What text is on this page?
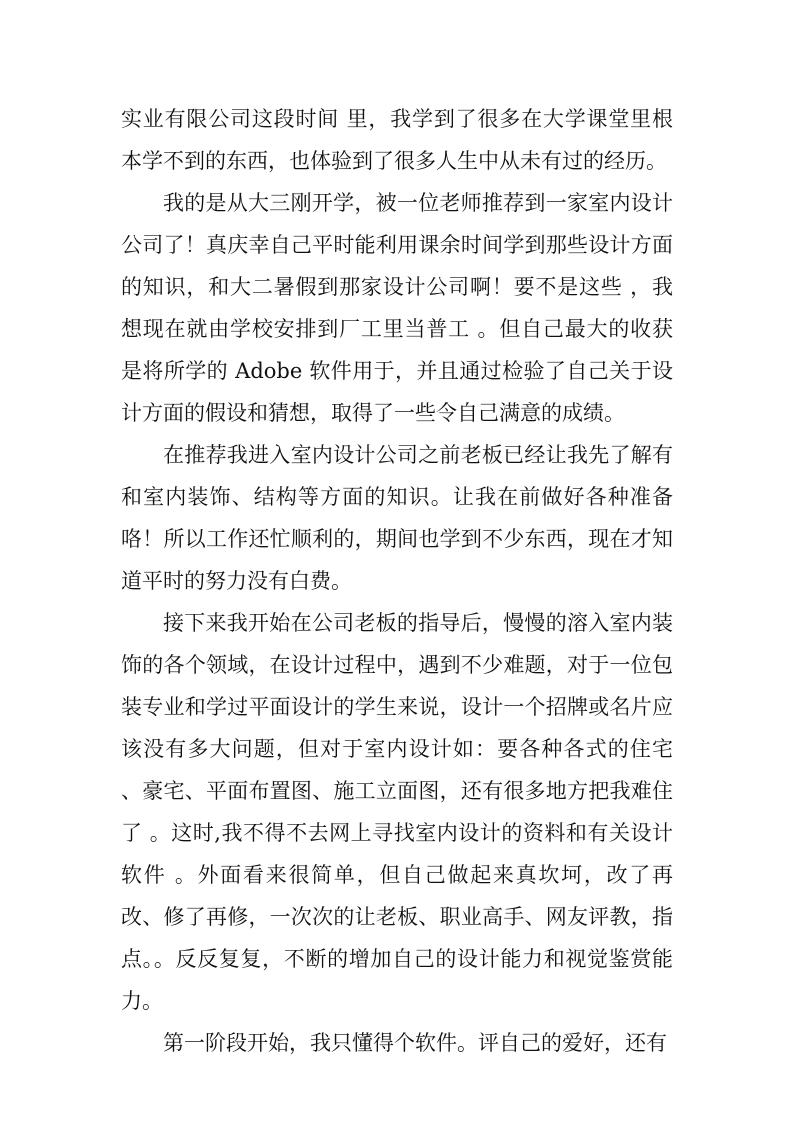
实业有限公司这段时间 里，我学到了很多在大学课堂里根本学不到的东西，也体验到了很多人生中从未有过的经历。

我的是从大三刚开学，被一位老师推荐到一家室内设计公司了！真庆幸自己平时能利用课余时间学到那些设计方面的知识，和大二暑假到那家设计公司啊！要不是这些 ，我想现在就由学校安排到厂工里当普工 。但自己最大的收获是将所学的 Adobe 软件用于，并且通过检验了自己关于设计方面的假设和猜想，取得了一些令自己满意的成绩。

在推荐我进入室内设计公司之前老板已经让我先了解有和室内装饰、结构等方面的知识。让我在前做好各种准备咯！所以工作还忙顺利的，期间也学到不少东西，现在才知道平时的努力没有白费。

接下来我开始在公司老板的指导后，慢慢的溶入室内装饰的各个领域，在设计过程中，遇到不少难题，对于一位包装专业和学过平面设计的学生来说，设计一个招牌或名片应该没有多大问题，但对于室内设计如：要各种各式的住宅 、豪宅、平面布置图、施工立面图，还有很多地方把我难住了 。这时,我不得不去网上寻找室内设计的资料和有关设计软件 。外面看来很简单，但自己做起来真坎坷，改了再改、修了再修，一次次的让老板、职业高手、网友评教，指点。。反反复复，不断的增加自己的设计能力和视觉鉴赏能力。

第一阶段开始，我只懂得个软件。评自己的爱好，还有
